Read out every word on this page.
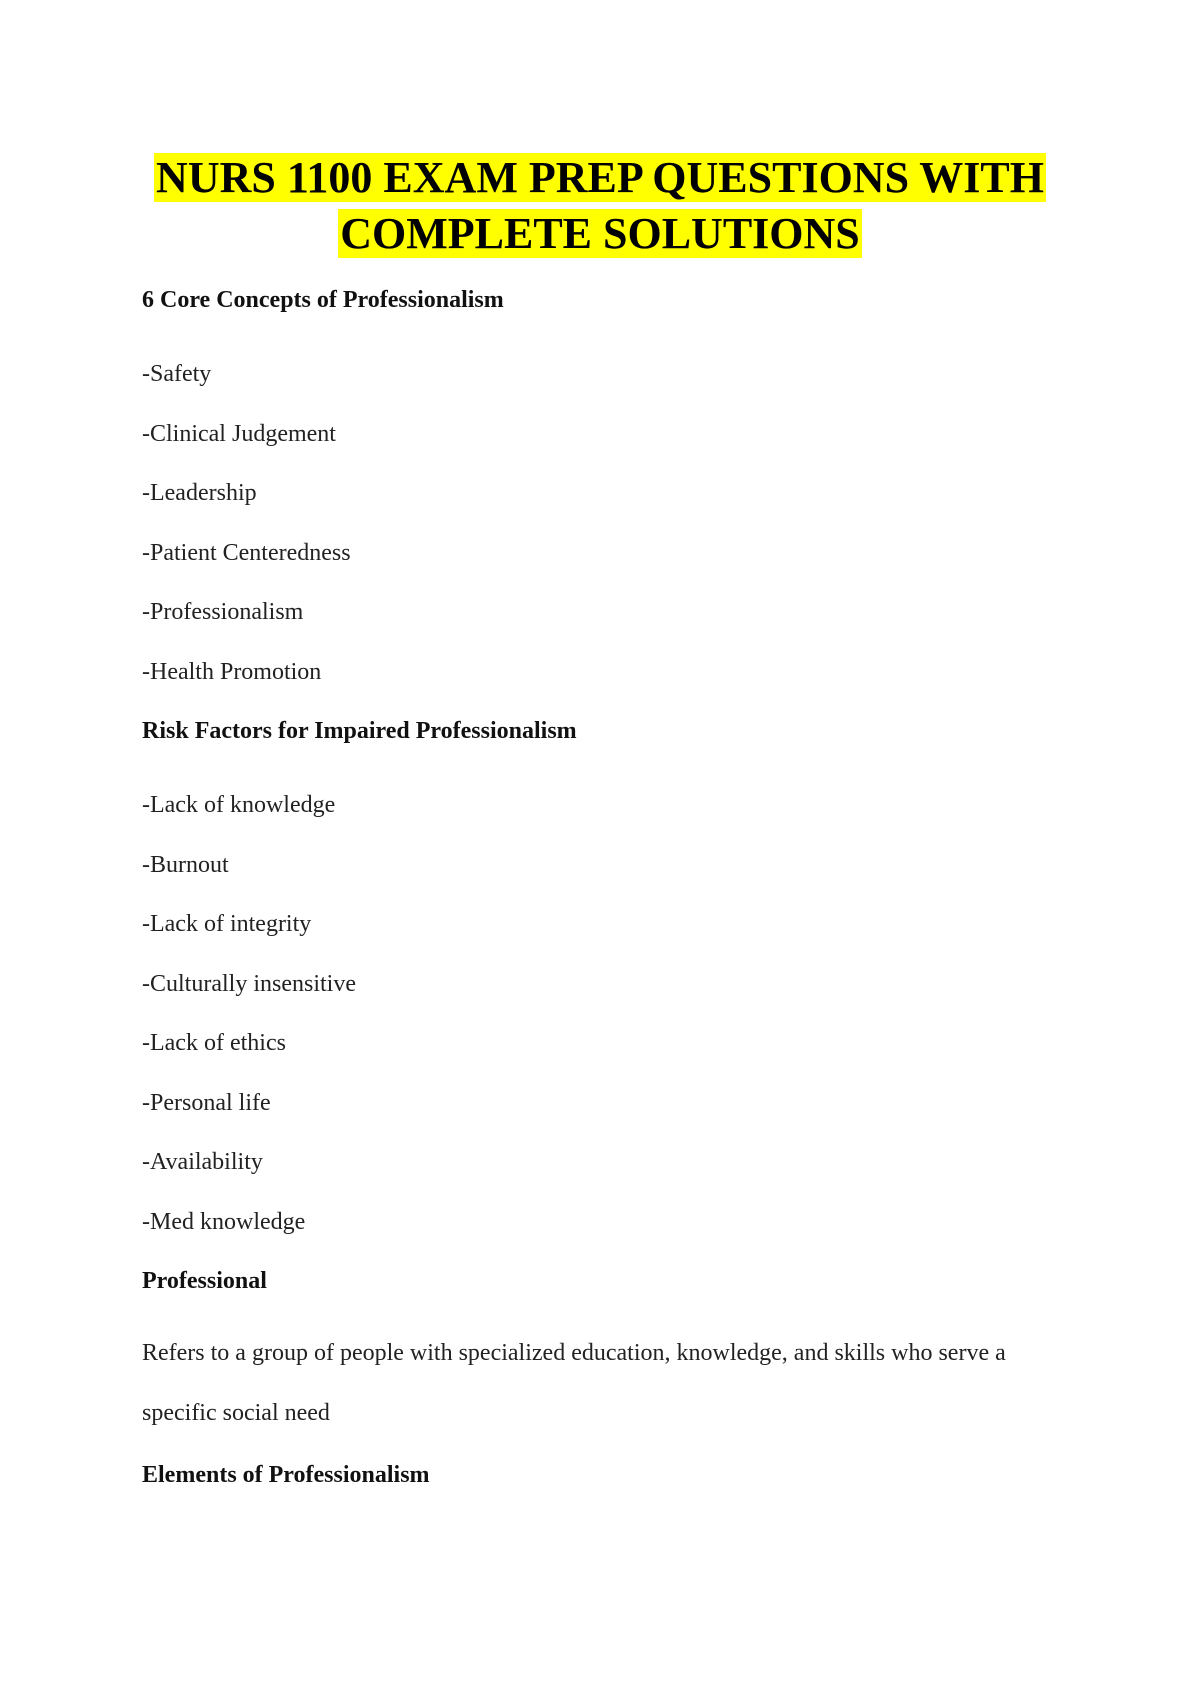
NURS 1100 EXAM PREP QUESTIONS WITH
COMPLETE SOLUTIONS

6 Core Concepts of Professionalism

-Safety
-Clinical Judgement
-Leadership
-Patient Centeredness
-Professionalism
-Health Promotion

Risk Factors for Impaired Professionalism

-Lack of knowledge
-Burnout
-Lack of integrity
-Culturally insensitive
-Lack of ethics
-Personal life
-Availability
-Med knowledge

Professional

Refers to a group of people with specialized education, knowledge, and skills who serve a specific social need

Elements of Professionalism
